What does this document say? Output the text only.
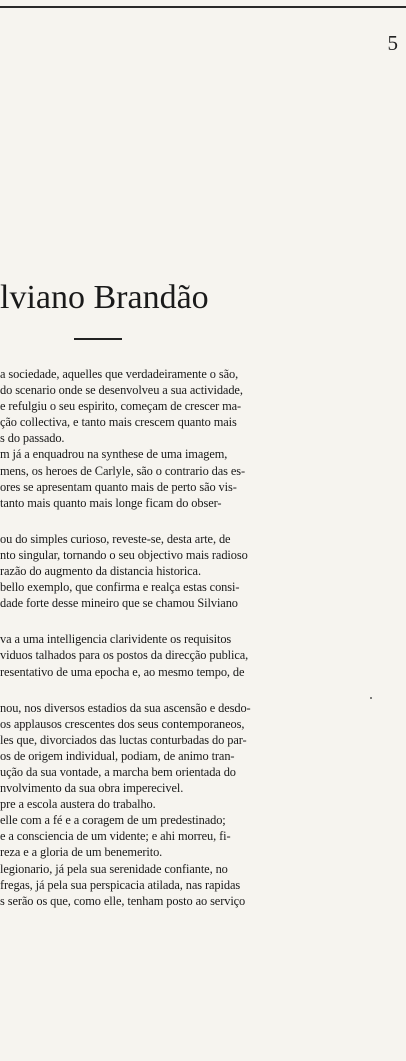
5
lviano Brandão
a sociedade, aquelles que verdadeiramente o são,
do scenario onde se desenvolveu a sua actividade,
e refulgiu o seu espirito, começam de crescer ma-
ção collectiva, e tanto mais crescem quanto mais
s do passado.
m já a enquadrou na synthese de uma imagem,
mens, os heroes de Carlyle, são o contrario das es-
ores se apresentam quanto mais de perto são vis-
tanto mais quanto mais longe ficam do obser-
ou do simples curioso, reveste-se, desta arte, de
nto singular, tornando o seu objectivo mais radioso
razão do augmento da distancia historica.
bello exemplo, que confirma e realça estas consi-
dade forte desse mineiro que se chamou Silviano
va a uma intelligencia clarividente os requisitos
viduos talhados para os postos da direcção publica,
resentativo de uma epocha e, ao mesmo tempo, de
nou, nos diversos estadios da sua ascensão e desdo-
os applausos crescentes dos seus contemporaneos,
les que, divorciados das luctas conturbadas do par-
os de origem individual, podiam, de animo tran-
ução da sua vontade, a marcha bem orientada do
nvolvimento da sua obra imperecivel.
pre a escola austera do trabalho.
elle com a fé e a coragem de um predestinado;
e a consciencia de um vidente; e ahi morreu, fi-
reza e a gloria de um benemerito.
legionario, já pela sua serenidade confiante, no
fregas, já pela sua perspicacia atilada, nas rapidas
s serão os que, como elle, tenham posto ao serviço
